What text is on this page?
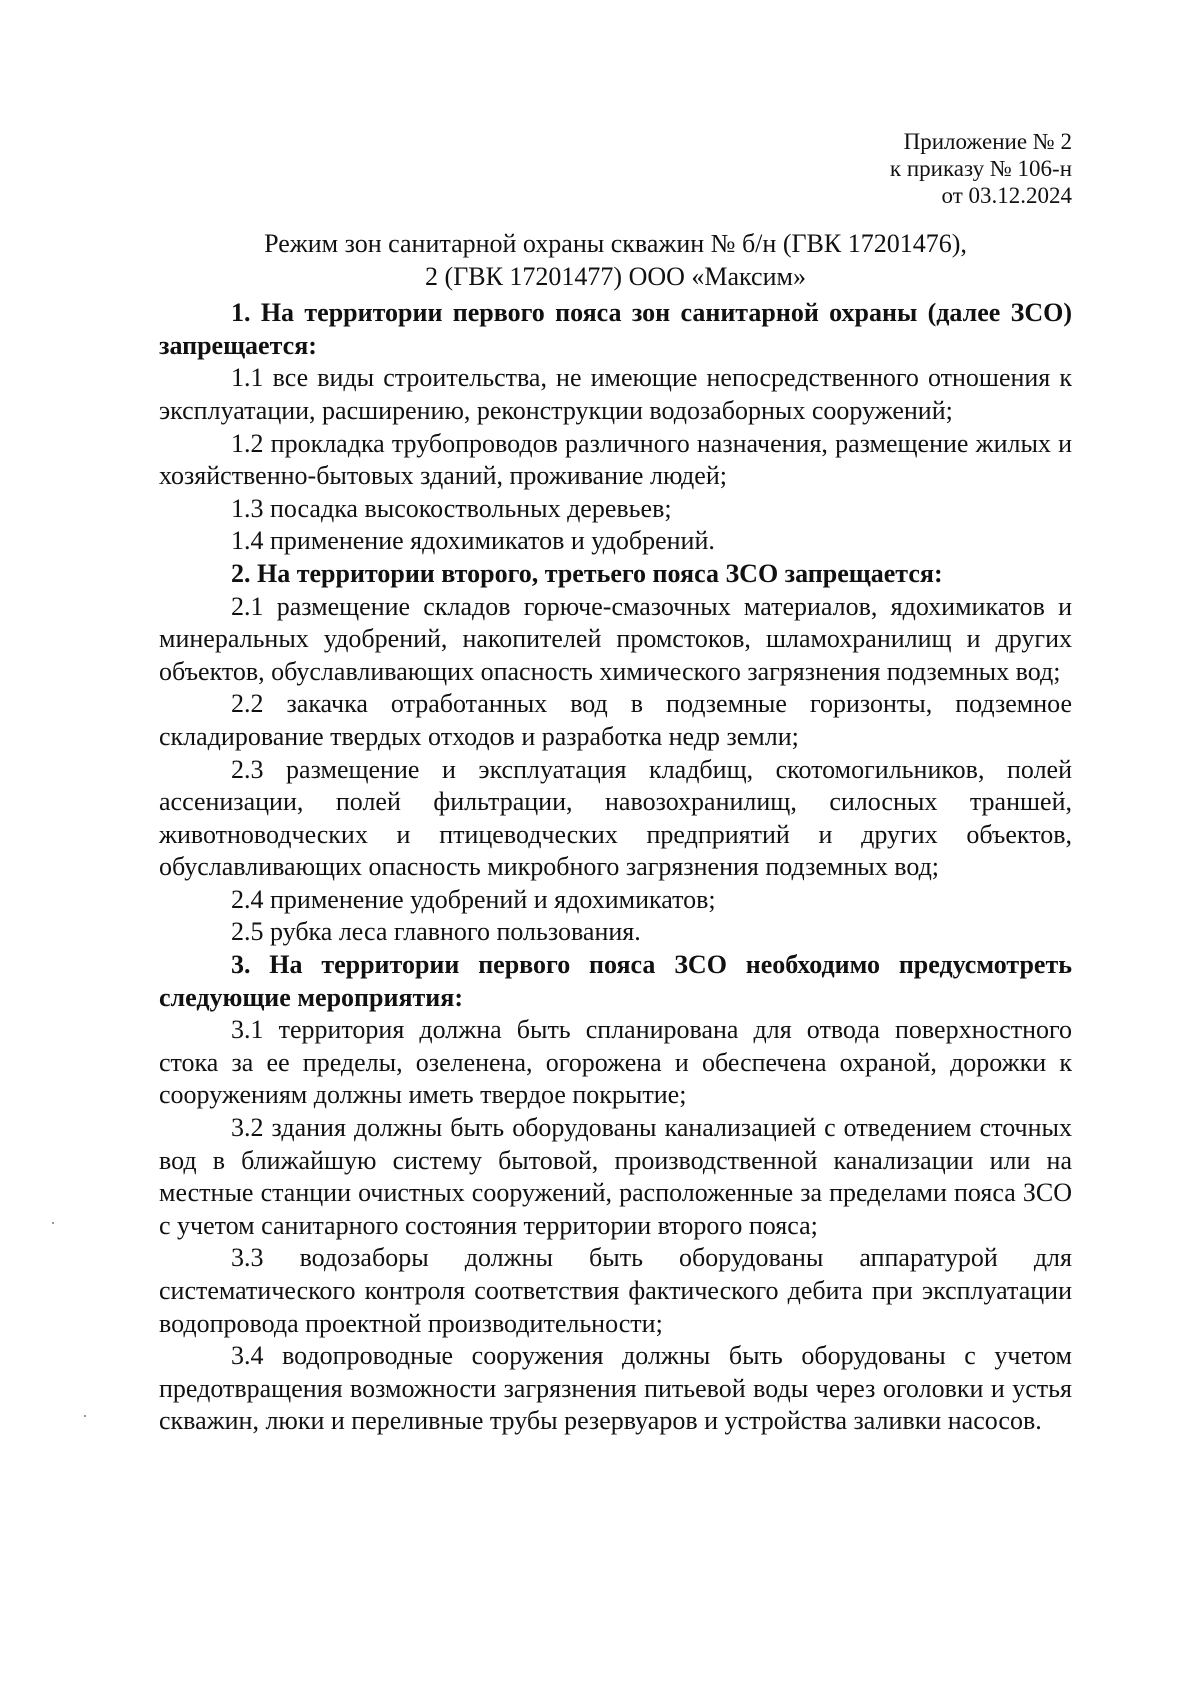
Приложение № 2
к приказу № 106-н
от 03.12.2024
Режим зон санитарной охраны скважин № б/н (ГВК 17201476),
2 (ГВК 17201477) ООО «Максим»

1. На территории первого пояса зон санитарной охраны (далее ЗСО) запрещается:

1.1 все виды строительства, не имеющие непосредственного отношения к эксплуатации, расширению, реконструкции водозаборных сооружений;

1.2 прокладка трубопроводов различного назначения, размещение жилых и хозяйственно-бытовых зданий, проживание людей;

1.3 посадка высокоствольных деревьев;

1.4 применение ядохимикатов и удобрений.

2. На территории второго, третьего пояса ЗСО запрещается:

2.1 размещение складов горюче-смазочных материалов, ядохимикатов и минеральных удобрений, накопителей промстоков, шламохранилищ и других объектов, обуславливающих опасность химического загрязнения подземных вод;

2.2 закачка отработанных вод в подземные горизонты, подземное складирование твердых отходов и разработка недр земли;

2.3 размещение и эксплуатация кладбищ, скотомогильников, полей ассенизации, полей фильтрации, навозохранилищ, силосных траншей, животноводческих и птицеводческих предприятий и других объектов, обуславливающих опасность микробного загрязнения подземных вод;

2.4 применение удобрений и ядохимикатов;

2.5 рубка леса главного пользования.

3. На территории первого пояса ЗСО необходимо предусмотреть следующие мероприятия:

3.1 территория должна быть спланирована для отвода поверхностного стока за ее пределы, озеленена, огорожена и обеспечена охраной, дорожки к сооружениям должны иметь твердое покрытие;

3.2 здания должны быть оборудованы канализацией с отведением сточных вод в ближайшую систему бытовой, производственной канализации или на местные станции очистных сооружений, расположенные за пределами пояса ЗСО с учетом санитарного состояния территории второго пояса;

3.3 водозаборы должны быть оборудованы аппаратурой для систематического контроля соответствия фактического дебита при эксплуатации водопровода проектной производительности;

3.4 водопроводные сооружения должны быть оборудованы с учетом предотвращения возможности загрязнения питьевой воды через оголовки и устья скважин, люки и переливные трубы резервуаров и устройства заливки насосов.
